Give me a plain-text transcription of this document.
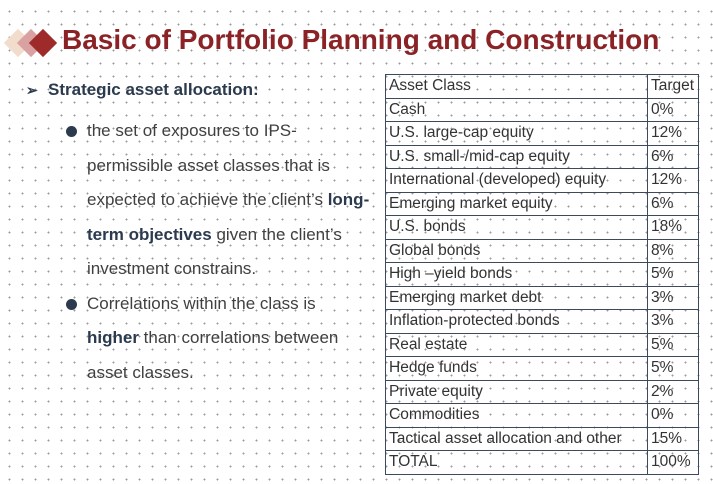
Basic of Portfolio Planning and Construction
➢ Strategic asset allocation:
the set of exposures to IPS-permissible asset classes that is expected to achieve the client’s long-term objectives given the client’s investment constrains.
Correlations within the class is higher than correlations between asset classes.
Asset Class	Target
Cash	0%
U.S. large-cap equity	12%
U.S. small-/mid-cap equity	6%
International (developed) equity	12%
Emerging market equity	6%
U.S. bonds	18%
Global bonds	8%
High –yield bonds	5%
Emerging market debt	3%
Inflation-protected bonds	3%
Real estate	5%
Hedge funds	5%
Private equity	2%
Commodities	0%
Tactical asset allocation and other	15%
TOTAL	100%
